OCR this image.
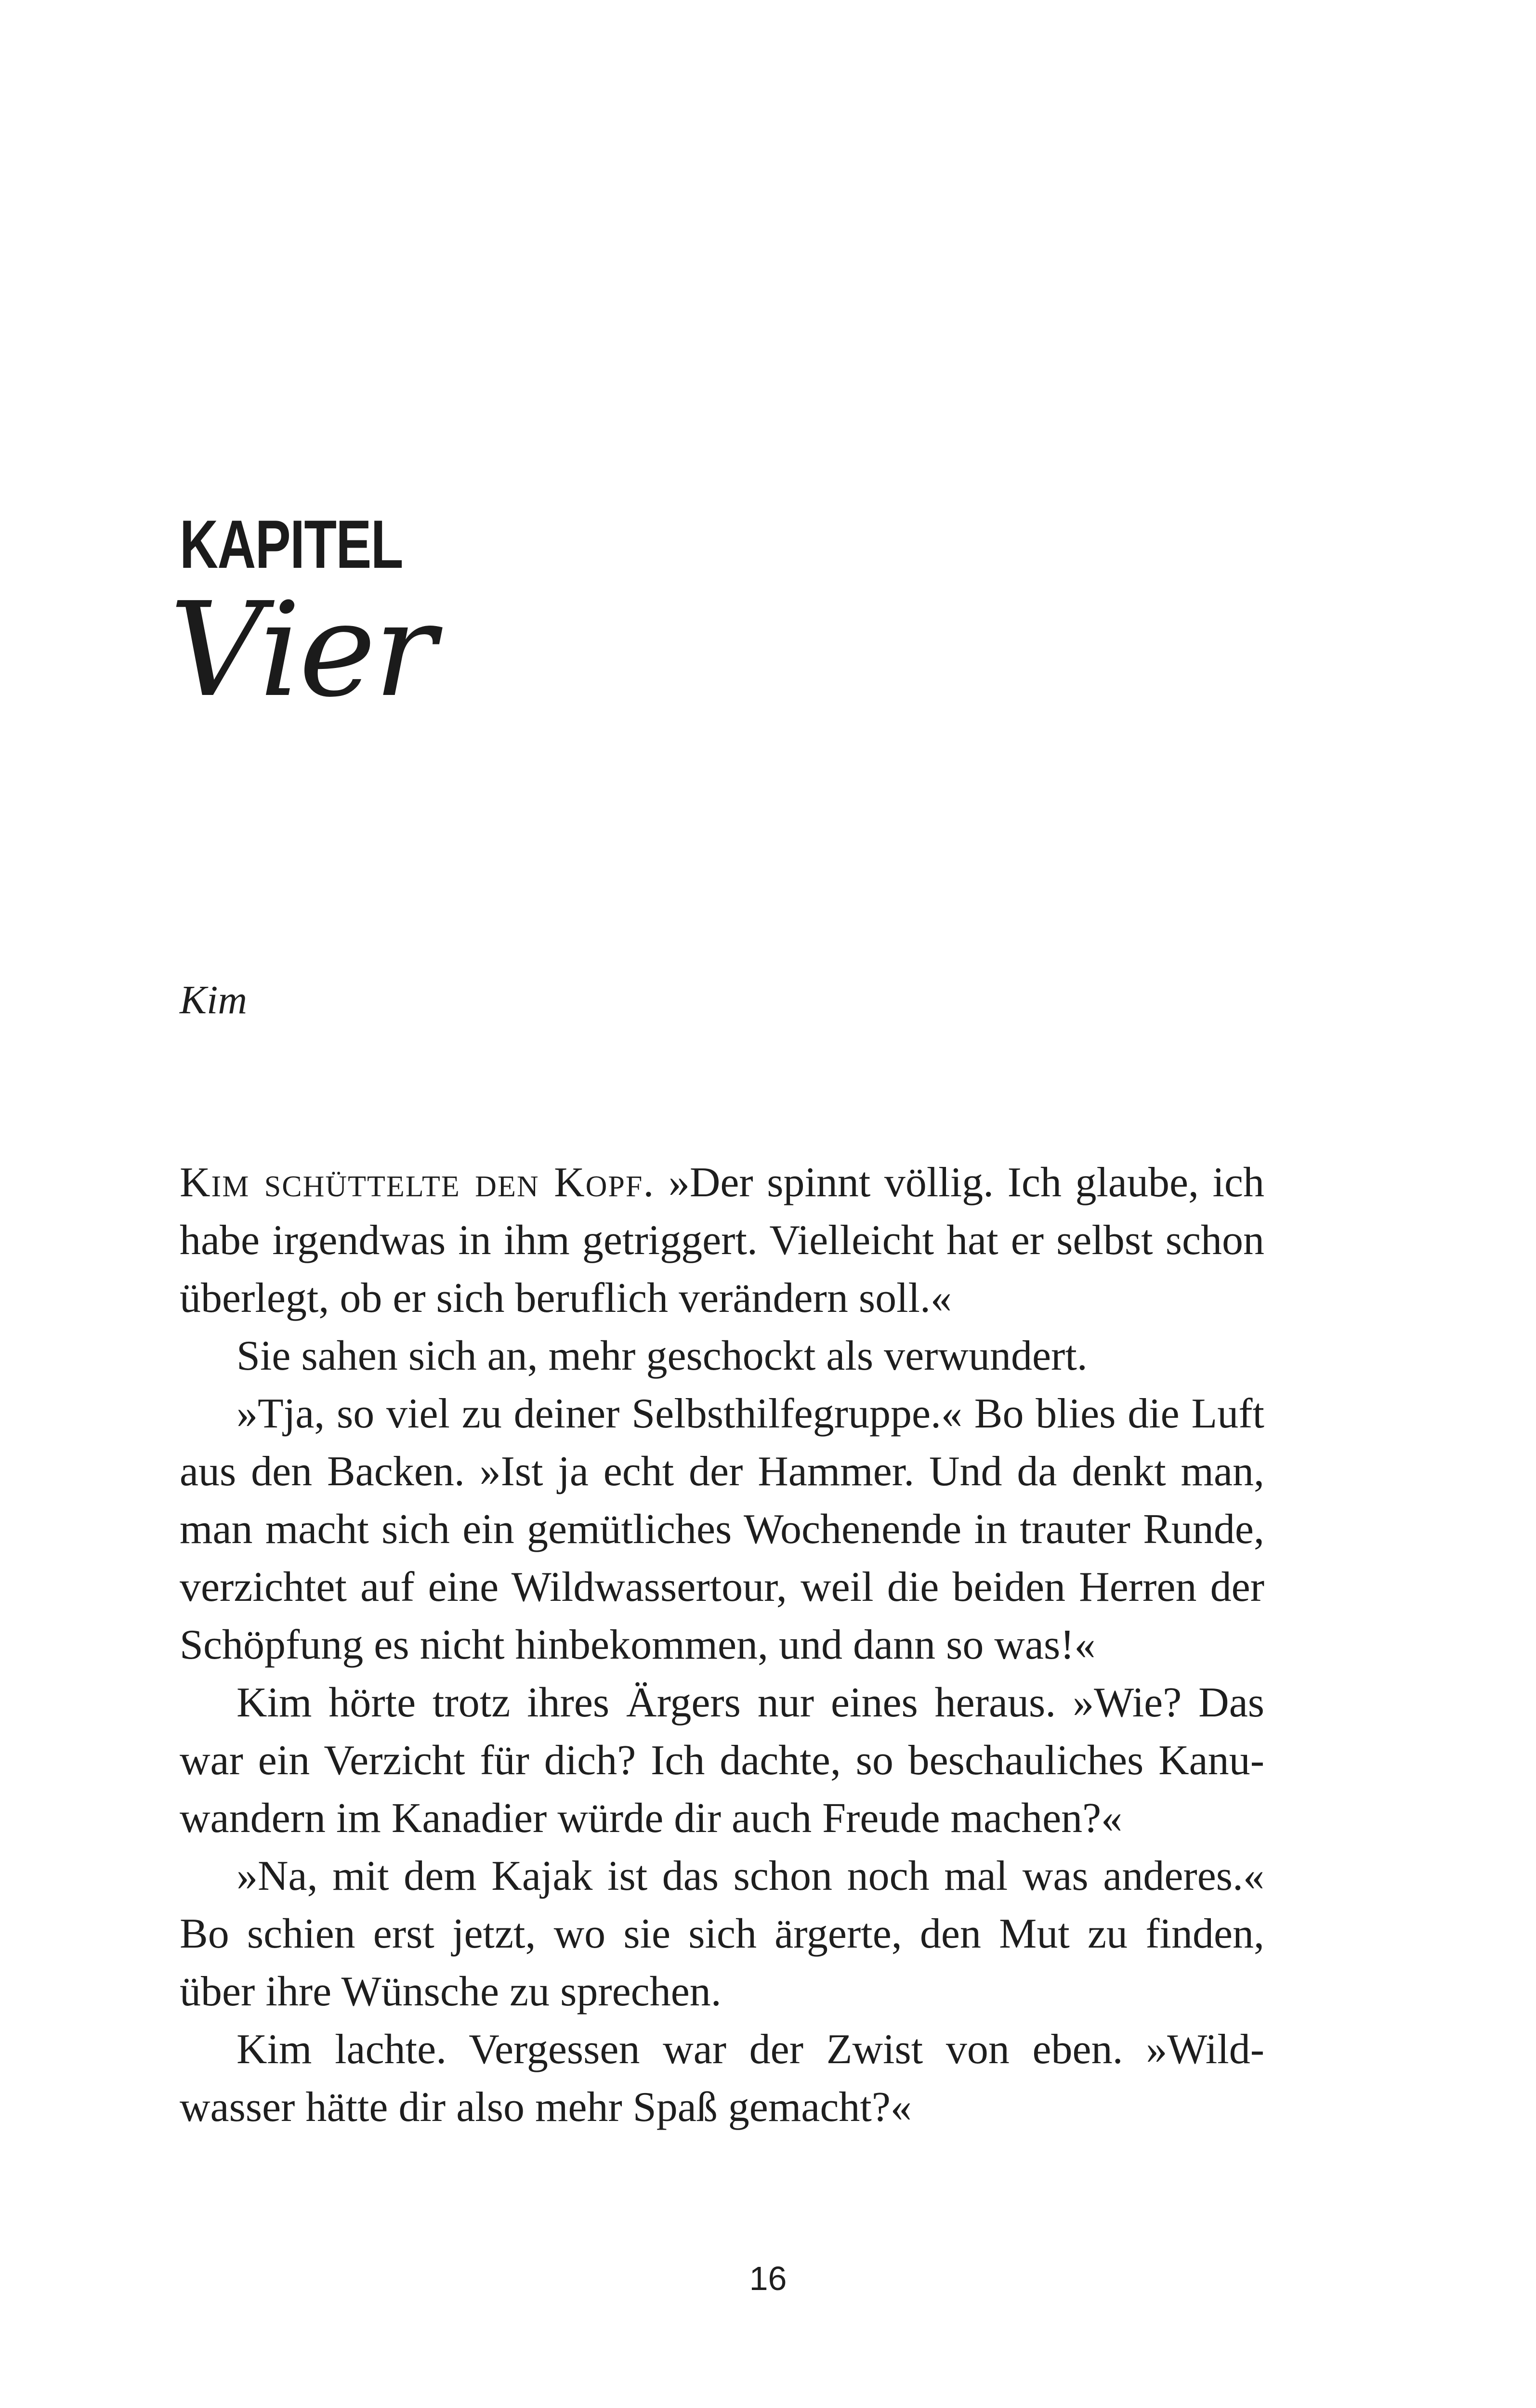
KAPITEL
Vier
Kim

Kim schüttelte den Kopf. »Der spinnt völlig. Ich glaube, ich habe irgendwas in ihm getriggert. Vielleicht hat er selbst schon überlegt, ob er sich beruflich verändern soll.«

Sie sahen sich an, mehr geschockt als verwundert.

»Tja, so viel zu deiner Selbsthilfegruppe.« Bo blies die Luft aus den Backen. »Ist ja echt der Hammer. Und da denkt man, man macht sich ein gemütliches Wochenende in trauter Runde, verzichtet auf eine Wildwassertour, weil die beiden Herren der Schöpfung es nicht hinbekommen, und dann so was!«

Kim hörte trotz ihres Ärgers nur eines heraus. »Wie? Das war ein Verzicht für dich? Ich dachte, so beschauliches Kanuwandern im Kanadier würde dir auch Freude machen?«

»Na, mit dem Kajak ist das schon noch mal was anderes.« Bo schien erst jetzt, wo sie sich ärgerte, den Mut zu finden, über ihre Wünsche zu sprechen.

Kim lachte. Vergessen war der Zwist von eben. »Wildwasser hätte dir also mehr Spaß gemacht?«

16
